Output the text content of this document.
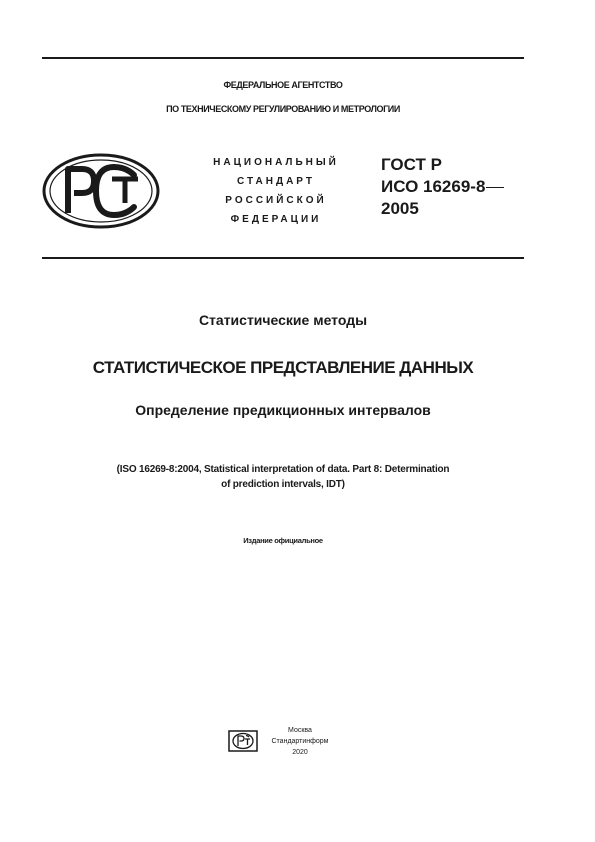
ФЕДЕРАЛЬНОЕ АГЕНТСТВО
ПО ТЕХНИЧЕСКОМУ РЕГУЛИРОВАНИЮ И МЕТРОЛОГИИ
НАЦИОНАЛЬНЫЙ
СТАНДАРТ
РОССИЙСКОЙ
ФЕДЕРАЦИИ
ГОСТ Р
ИСО 16269-8
2005
Статистические методы
СТАТИСТИЧЕСКОЕ ПРЕДСТАВЛЕНИЕ ДАННЫХ
Определение предикционных интервалов
(ISO 16269-8:2004, Statistical interpretation of data. Part 8: Determination
of prediction intervals, IDT)
Издание официальное
Москва
Стандартинформ
2020
